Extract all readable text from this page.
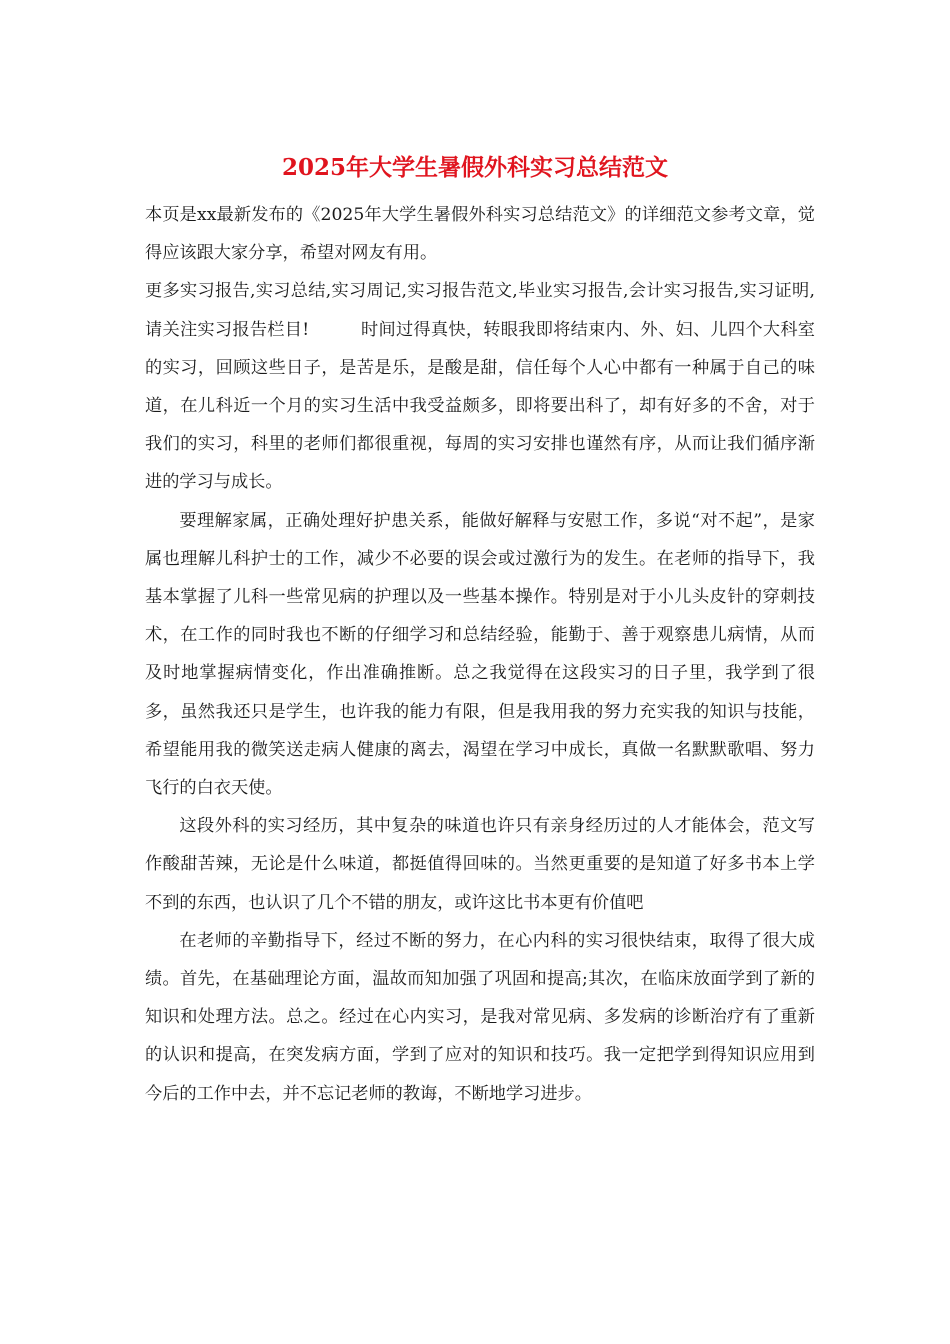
2025年大学生暑假外科实习总结范文

本页是xx最新发布的《2025年大学生暑假外科实习总结范文》的详细范文参考文章，觉得应该跟大家分享，希望对网友有用。

更多实习报告,实习总结,实习周记,实习报告范文,毕业实习报告,会计实习报告,实习证明,请关注实习报告栏目!   	时间过得真快，转眼我即将结束内、外、妇、儿四个大科室的实习，回顾这些日子，是苦是乐，是酸是甜，信任每个人心中都有一种属于自己的味道，在儿科近一个月的实习生活中我受益颇多，即将要出科了，却有好多的不舍，对于我们的实习，科里的老师们都很重视，每周的实习安排也谨然有序，从而让我们循序渐进的学习与成长。

要理解家属，正确处理好护患关系，能做好解释与安慰工作，多说“对不起”，是家属也理解儿科护士的工作，减少不必要的误会或过激行为的发生。在老师的指导下，我基本掌握了儿科一些常见病的护理以及一些基本操作。特别是对于小儿头皮针的穿刺技术，在工作的同时我也不断的仔细学习和总结经验，能勤于、善于观察患儿病情，从而及时地掌握病情变化，作出准确推断。总之我觉得在这段实习的日子里，我学到了很多，虽然我还只是学生，也许我的能力有限，但是我用我的努力充实我的知识与技能，希望能用我的微笑送走病人健康的离去，渴望在学习中成长，真做一名默默歌唱、努力飞行的白衣天使。

这段外科的实习经历，其中复杂的味道也许只有亲身经历过的人才能体会，范文写作酸甜苦辣，无论是什么味道，都挺值得回味的。当然更重要的是知道了好多书本上学不到的东西，也认识了几个不错的朋友，或许这比书本更有价值吧

在老师的辛勤指导下，经过不断的努力，在心内科的实习很快结束，取得了很大成绩。首先，在基础理论方面，温故而知加强了巩固和提高;其次，在临床放面学到了新的知识和处理方法。总之。经过在心内实习，是我对常见病、多发病的诊断治疗有了重新的认识和提高，在突发病方面，学到了应对的知识和技巧。我一定把学到得知识应用到今后的工作中去，并不忘记老师的教诲，不断地学习进步。
